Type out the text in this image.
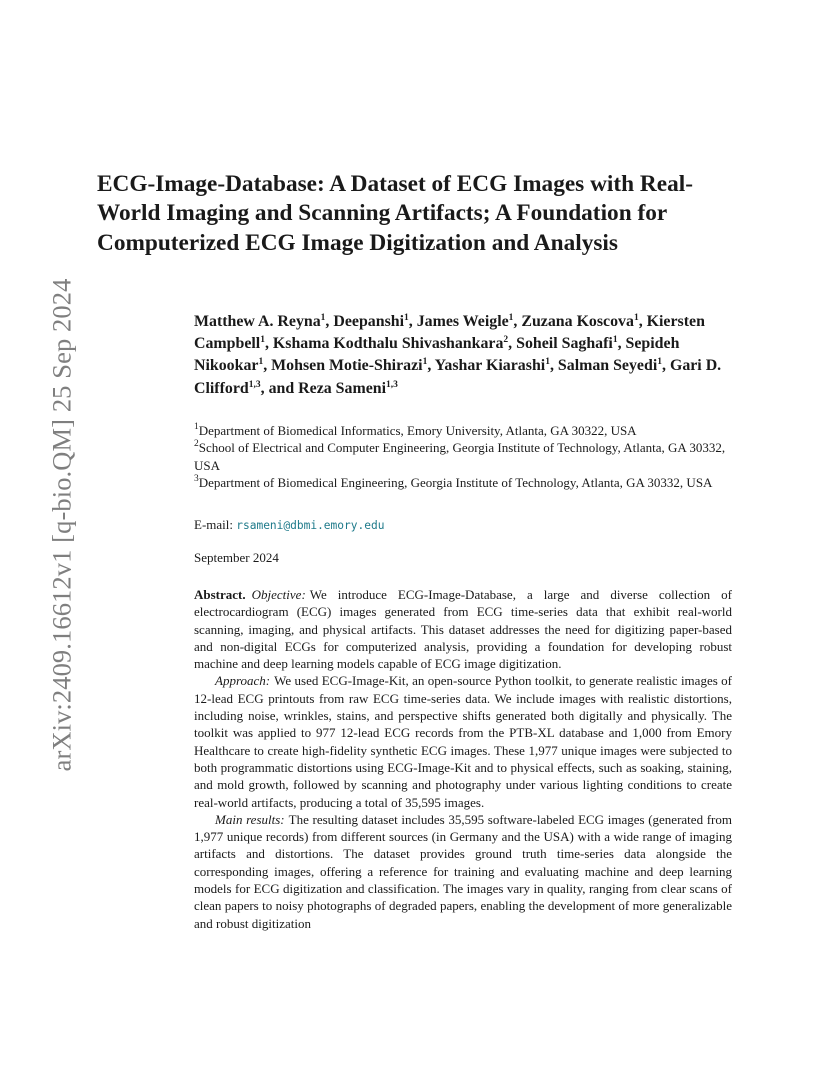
arXiv:2409.16612v1 [q-bio.QM] 25 Sep 2024
ECG-Image-Database: A Dataset of ECG Images with Real-World Imaging and Scanning Artifacts; A Foundation for Computerized ECG Image Digitization and Analysis

Matthew A. Reyna$^1$, Deepanshi$^1$, James Weigle$^1$, Zuzana Koscova$^1$, Kiersten Campbell$^1$, Kshama Kodthalu Shivashankara$^2$, Soheil Saghafi$^1$, Sepideh Nikookar$^1$, Mohsen Motie-Shirazi$^1$, Yashar Kiarashi$^1$, Salman Seyedi$^1$, Gari D. Clifford$^{1,3}$, and Reza Sameni$^{1,3}$

$^1$Department of Biomedical Informatics, Emory University, Atlanta, GA 30322, USA

$^2$School of Electrical and Computer Engineering, Georgia Institute of Technology, Atlanta, GA 30332, USA

$^3$Department of Biomedical Engineering, Georgia Institute of Technology, Atlanta, GA 30332, USA

E-mail: rsameni@dbmi.emory.edu
September 2024

Abstract. Objective: We introduce ECG-Image-Database, a large and diverse collection of electrocardiogram (ECG) images generated from ECG time-series data that exhibit real-world scanning, imaging, and physical artifacts. This dataset addresses the need for digitizing paper-based and non-digital ECGs for computerized analysis, providing a foundation for developing robust machine and deep learning models capable of ECG image digitization.

Approach: We used ECG-Image-Kit, an open-source Python toolkit, to generate realistic images of 12-lead ECG printouts from raw ECG time-series data. We include images with realistic distortions, including noise, wrinkles, stains, and perspective shifts generated both digitally and physically. The toolkit was applied to 977 12-lead ECG records from the PTB-XL database and 1,000 from Emory Healthcare to create high-fidelity synthetic ECG images. These 1,977 unique images were subjected to both programmatic distortions using ECG-Image-Kit and to physical effects, such as soaking, staining, and mold growth, followed by scanning and photography under various lighting conditions to create real-world artifacts, producing a total of 35,595 images.

Main results: The resulting dataset includes 35,595 software-labeled ECG images (generated from 1,977 unique records) from different sources (in Germany and the USA) with a wide range of imaging artifacts and distortions. The dataset provides ground truth time-series data alongside the corresponding images, offering a reference for training and evaluating machine and deep learning models for ECG digitization and classification. The images vary in quality, ranging from clear scans of clean papers to noisy photographs of degraded papers, enabling the development of more generalizable and robust digitization
